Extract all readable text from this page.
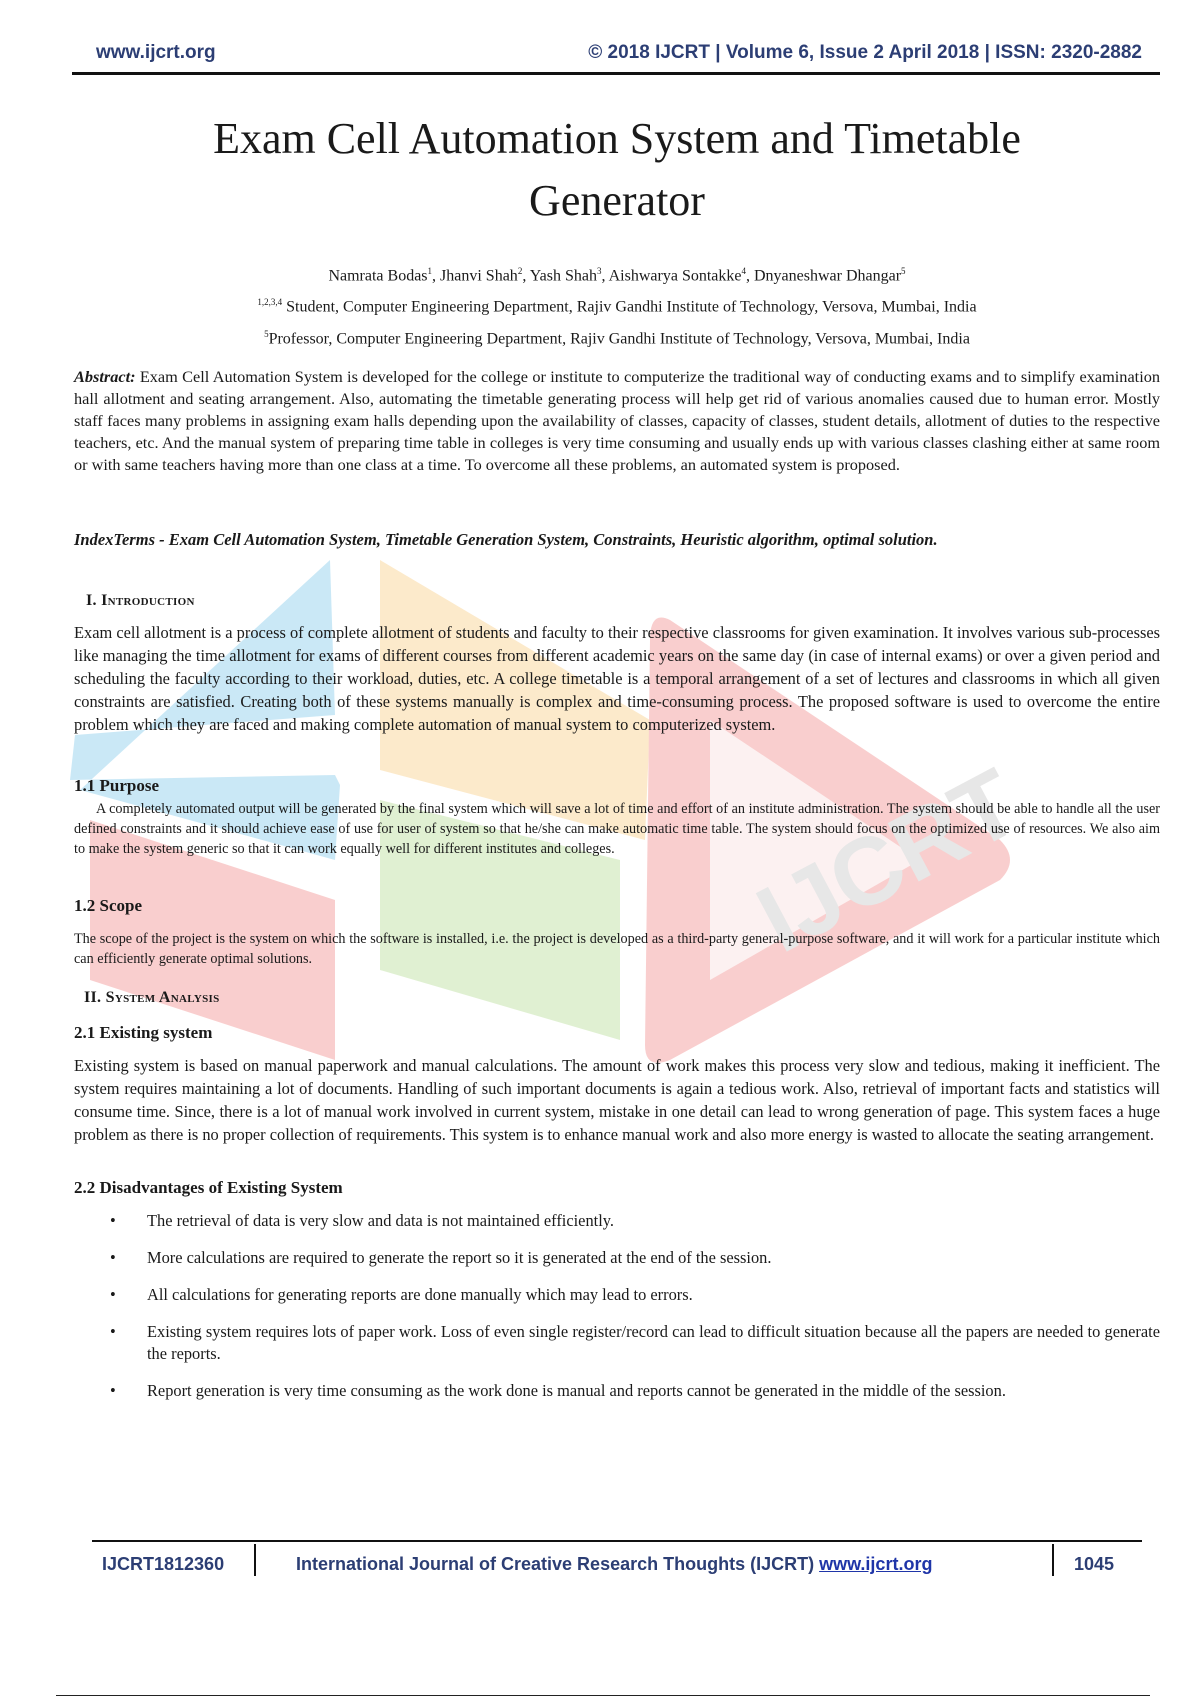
www.ijcrt.org	© 2018 IJCRT | Volume 6, Issue 2 April 2018 | ISSN: 2320-2882
IJCRT
Exam Cell Automation System and Timetable
Generator
Namrata Bodas$^1$, Jhanvi Shah$^2$, Yash Shah$^3$, Aishwarya Sontakke$^4$, Dnyaneshwar Dhangar$^5$
$^{1,2,3,4}$ Student, Computer Engineering Department, Rajiv Gandhi Institute of Technology, Versova, Mumbai, India
$^5$Professor, Computer Engineering Department, Rajiv Gandhi Institute of Technology, Versova, Mumbai, India
Abstract: Exam Cell Automation System is developed for the college or institute to computerize the traditional way of conducting exams and to simplify examination hall allotment and seating arrangement. Also, automating the timetable generating process will help get rid of various anomalies caused due to human error. Mostly staff faces many problems in assigning exam halls depending upon the availability of classes, capacity of classes, student details, allotment of duties to the respective teachers, etc. And the manual system of preparing time table in colleges is very time consuming and usually ends up with various classes clashing either at same room or with same teachers having more than one class at a time. To overcome all these problems, an automated system is proposed.
IndexTerms - Exam Cell Automation System, Timetable Generation System, Constraints, Heuristic algorithm, optimal solution.
I. Introduction
Exam cell allotment is a process of complete allotment of students and faculty to their respective classrooms for given examination. It involves various sub-processes like managing the time allotment for exams of different courses from different academic years on the same day (in case of internal exams) or over a given period and scheduling the faculty according to their workload, duties, etc. A college timetable is a temporal arrangement of a set of lectures and classrooms in which all given constraints are satisfied. Creating both of these systems manually is complex and time-consuming process. The proposed software is used to overcome the entire problem which they are faced and making complete automation of manual system to computerized system.
1.1 Purpose
A completely automated output will be generated by the final system which will save a lot of time and effort of an institute administration. The system should be able to handle all the user defined constraints and it should achieve ease of use for user of system so that he/she can make automatic time table. The system should focus on the optimized use of resources. We also aim to make the system generic so that it can work equally well for different institutes and colleges.
1.2 Scope
The scope of the project is the system on which the software is installed, i.e. the project is developed as a third-party general-purpose software, and it will work for a particular institute which can efficiently generate optimal solutions.
II. System Analysis
2.1 Existing system
Existing system is based on manual paperwork and manual calculations. The amount of work makes this process very slow and tedious, making it inefficient. The system requires maintaining a lot of documents. Handling of such important documents is again a tedious work. Also, retrieval of important facts and statistics will consume time. Since, there is a lot of manual work involved in current system, mistake in one detail can lead to wrong generation of page. This system faces a huge problem as there is no proper collection of requirements. This system is to enhance manual work and also more energy is wasted to allocate the seating arrangement.
2.2 Disadvantages of Existing System
• The retrieval of data is very slow and data is not maintained efficiently.
• More calculations are required to generate the report so it is generated at the end of the session.
• All calculations for generating reports are done manually which may lead to errors.
• Existing system requires lots of paper work. Loss of even single register/record can lead to difficult situation because all the papers are needed to generate the reports.
• Report generation is very time consuming as the work done is manual and reports cannot be generated in the middle of the session.
IJCRT1812360	International Journal of Creative Research Thoughts (IJCRT) www.ijcrt.org	1045
